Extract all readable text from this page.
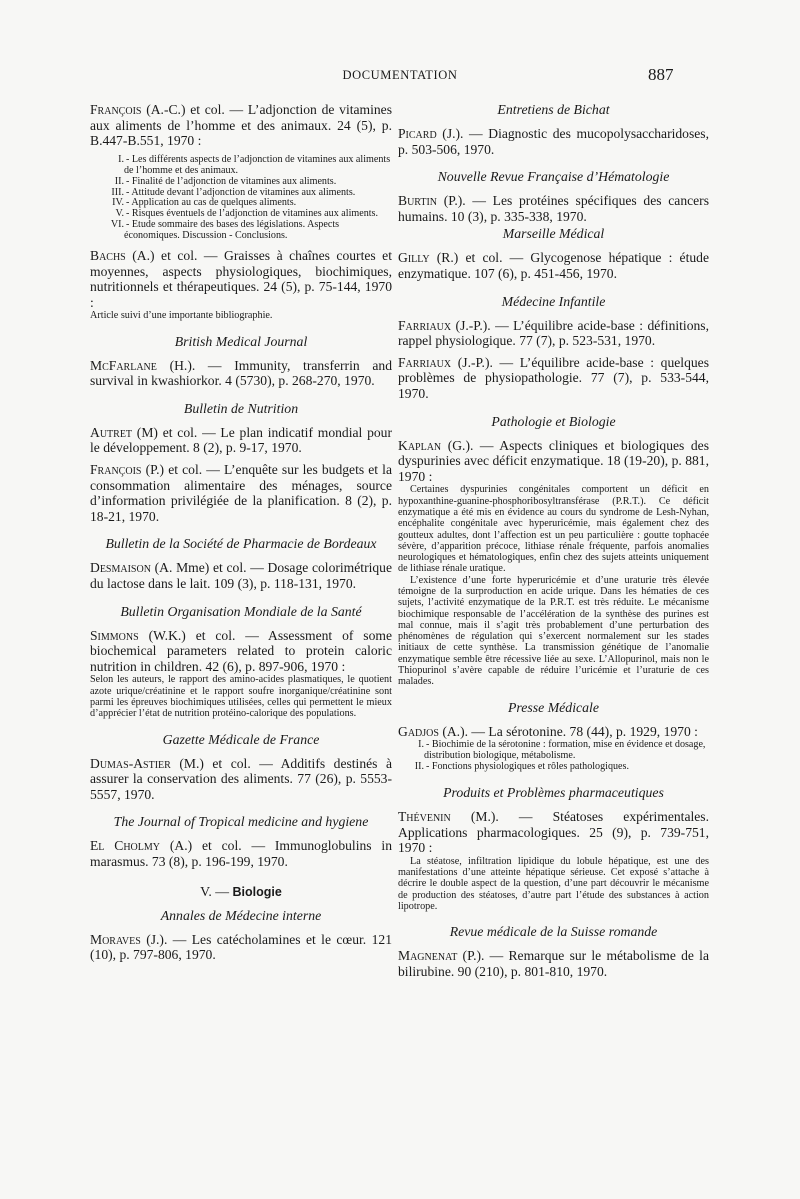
DOCUMENTATION	887

François (A.-C.) et col. — L’adjonction de vitamines aux aliments de l’homme et des animaux. 24 (5), p. B.447-B.551, 1970 :

I. - Les différents aspects de l’adjonction de vitamines aux aliments de l’homme et des animaux.
II. - Finalité de l’adjonction de vitamines aux aliments.
III. - Attitude devant l’adjonction de vitamines aux aliments.
IV. - Application au cas de quelques aliments.
V. - Risques éventuels de l’adjonction de vitamines aux aliments.
VI. - Etude sommaire des bases des législations. Aspects économiques. Discussion - Conclusions.

Bachs (A.) et col. — Graisses à chaînes courtes et moyennes, aspects physiologiques, biochimiques, nutritionnels et thérapeutiques. 24 (5), p. 75-144, 1970 :

Article suivi d’une importante bibliographie.

British Medical Journal

McFarlane (H.). — Immunity, transferrin and survival in kwashiorkor. 4 (5730), p. 268-270, 1970.

Bulletin de Nutrition

Autret (M) et col. — Le plan indicatif mondial pour le développement. 8 (2), p. 9-17, 1970.

François (P.) et col. — L’enquête sur les budgets et la consommation alimentaire des ménages, source d’information privilégiée de la planification. 8 (2), p. 18-21, 1970.

Bulletin de la Société de Pharmacie de Bordeaux

Desmaison (A. Mme) et col. — Dosage colorimétrique du lactose dans le lait. 109 (3), p. 118-131, 1970.

Bulletin Organisation Mondiale de la Santé

Simmons (W.K.) et col. — Assessment of some biochemical parameters related to protein caloric nutrition in children. 42 (6), p. 897-906, 1970 :

Selon les auteurs, le rapport des amino-acides plasmatiques, le quotient azote urique/créatinine et le rapport soufre inorganique/créatinine sont parmi les épreuves biochimiques utilisées, celles qui permettent le mieux d’apprécier l’état de nutrition protéino-calorique des populations.

Gazette Médicale de France

Dumas-Astier (M.) et col. — Additifs destinés à assurer la conservation des aliments. 77 (26), p. 5553-5557, 1970.

The Journal of Tropical medicine and hygiene

El Cholmy (A.) et col. — Immunoglobulins in marasmus. 73 (8), p. 196-199, 1970.

V. — Biologie
Annales de Médecine interne

Moraves (J.). — Les catécholamines et le cœur. 121 (10), p. 797-806, 1970.

Entretiens de Bichat

Picard (J.). — Diagnostic des mucopolysaccharidoses, p. 503-506, 1970.

Nouvelle Revue Française d’Hématologie

Burtin (P.). — Les protéines spécifiques des cancers humains. 10 (3), p. 335-338, 1970.

Marseille Médical

Gilly (R.) et col. — Glycogenose hépatique : étude enzymatique. 107 (6), p. 451-456, 1970.

Médecine Infantile

Farriaux (J.-P.). — L’équilibre acide-base : définitions, rappel physiologique. 77 (7), p. 523-531, 1970.

Farriaux (J.-P.). — L’équilibre acide-base : quelques problèmes de physiopathologie. 77 (7), p. 533-544, 1970.

Pathologie et Biologie

Kaplan (G.). — Aspects cliniques et biologiques des dyspurinies avec déficit enzymatique. 18 (19-20), p. 881, 1970 :

Certaines dyspurinies congénitales comportent un déficit en hypoxanthine-guanine-phosphoribosyltransférase (P.R.T.). Ce déficit enzymatique a été mis en évidence au cours du syndrome de Lesh-Nyhan, encéphalite congénitale avec hyperuricémie, mais également chez des goutteux adultes, dont l’affection est un peu particulière : goutte tophacée sévère, d’apparition précoce, lithiase rénale fréquente, parfois anomalies neurologiques et hématologiques, enfin chez des sujets atteints uniquement de lithiase rénale uratique.

L’existence d’une forte hyperuricémie et d’une uraturie très élevée témoigne de la surproduction en acide urique. Dans les hématies de ces sujets, l’activité enzymatique de la P.R.T. est très réduite. Le mécanisme biochimique responsable de l’accélération de la synthèse des purines est mal connue, mais il s’agit très probablement d’une perturbation des phénomènes de régulation qui s’exercent normalement sur les stades initiaux de cette synthèse. La transmission génétique de l’anomalie enzymatique semble être récessive liée au sexe. L’Allopurinol, mais non le Thiopurinol s’avère capable de réduire l’uricémie et l’uraturie de ces malades.

Presse Médicale

Gadjos (A.). — La sérotonine. 78 (44), p. 1929, 1970 :

I. - Biochimie de la sérotonine : formation, mise en évidence et dosage, distribution biologique, métabolisme.
II. - Fonctions physiologiques et rôles pathologiques.
Produits et Problèmes pharmaceutiques

Thévenin (M.). — Stéatoses expérimentales. Applications pharmacologiques. 25 (9), p. 739-751, 1970 :

La stéatose, infiltration lipidique du lobule hépatique, est une des manifestations d’une atteinte hépatique sérieuse. Cet exposé s’attache à décrire le double aspect de la question, d’une part découvrir le mécanisme de production des stéatoses, d’autre part l’étude des substances à action lipotrope.

Revue médicale de la Suisse romande

Magnenat (P.). — Remarque sur le métabolisme de la bilirubine. 90 (210), p. 801-810, 1970.
